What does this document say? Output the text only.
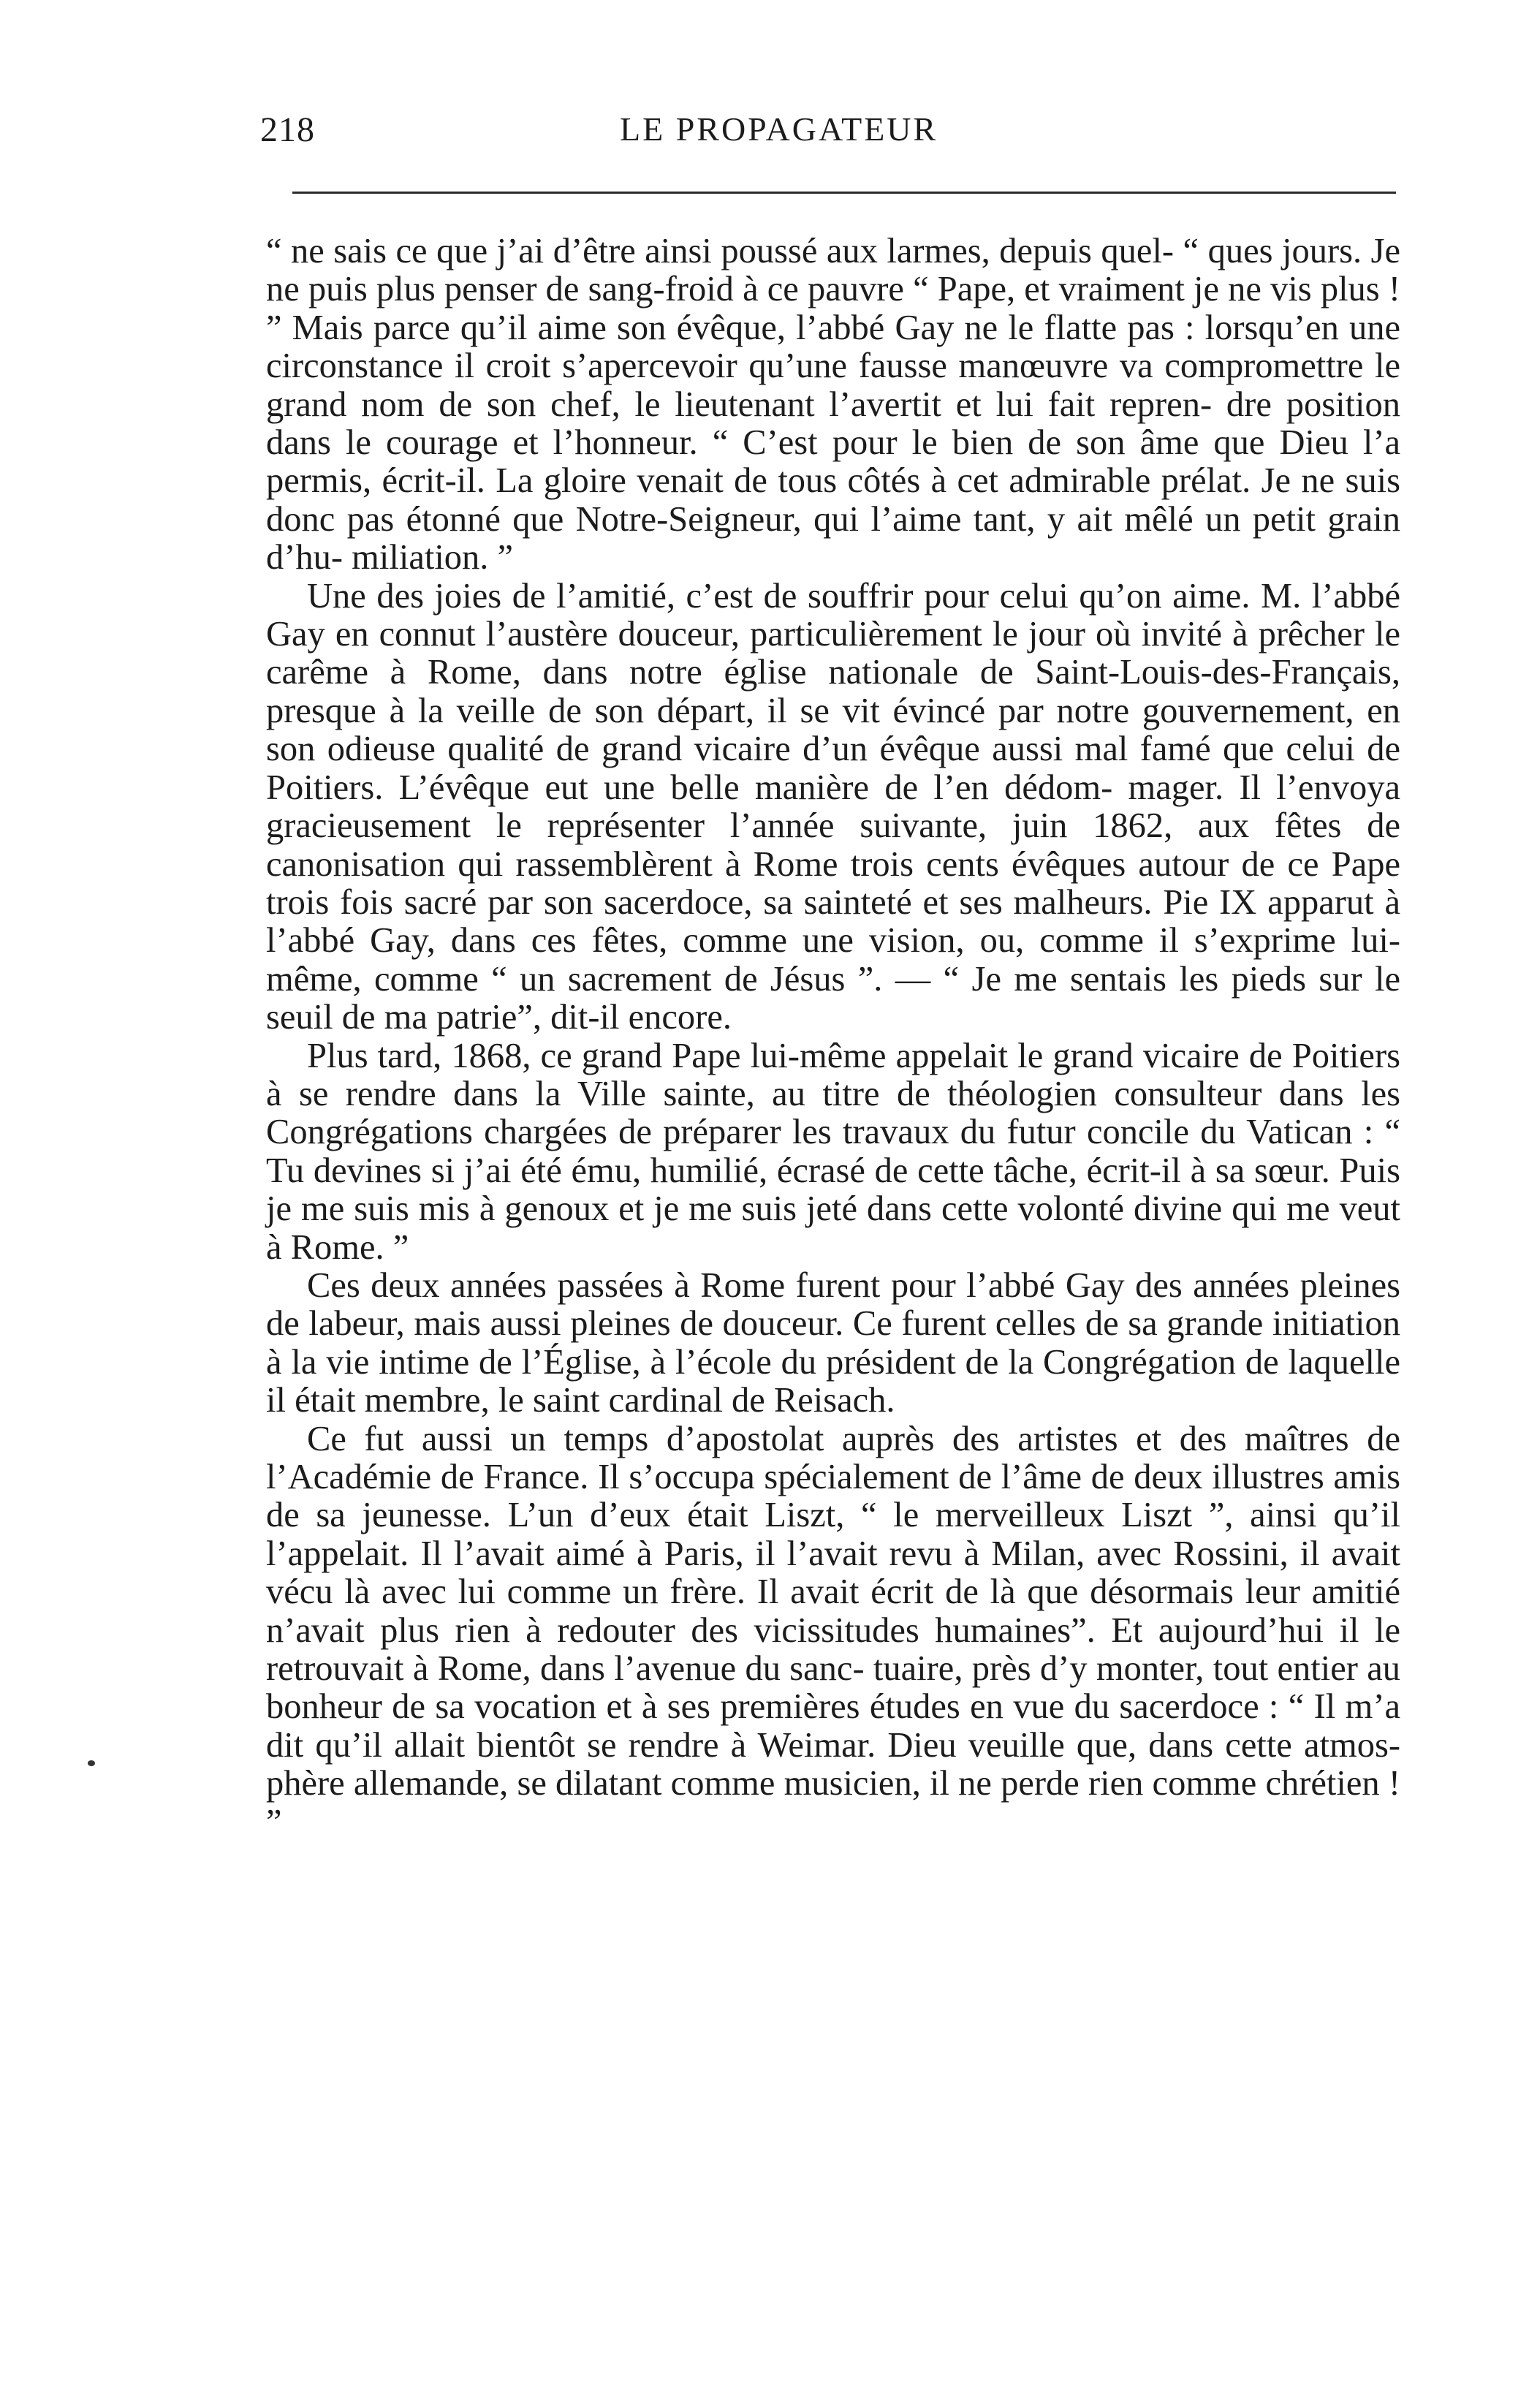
218	LE PROPAGATEUR

“ ne sais ce que j’ai d’être ainsi poussé aux larmes, depuis quel- “ ques jours. Je ne puis plus penser de sang-froid à ce pauvre “ Pape, et vraiment je ne vis plus ! ” Mais parce qu’il aime son évêque, l’abbé Gay ne le flatte pas : lorsqu’en une circonstance il croit s’apercevoir qu’une fausse manœuvre va compromettre le grand nom de son chef, le lieutenant l’avertit et lui fait repren- dre position dans le courage et l’honneur. “ C’est pour le bien de son âme que Dieu l’a permis, écrit-il. La gloire venait de tous côtés à cet admirable prélat. Je ne suis donc pas étonné que Notre-Seigneur, qui l’aime tant, y ait mêlé un petit grain d’hu- miliation. ”

Une des joies de l’amitié, c’est de souffrir pour celui qu’on aime. M. l’abbé Gay en connut l’austère douceur, particulièrement le jour où invité à prêcher le carême à Rome, dans notre église nationale de Saint-Louis-des-Français, presque à la veille de son départ, il se vit évincé par notre gouvernement, en son odieuse qualité de grand vicaire d’un évêque aussi mal famé que celui de Poitiers. L’évêque eut une belle manière de l’en dédom- mager. Il l’envoya gracieusement le représenter l’année suivante, juin 1862, aux fêtes de canonisation qui rassemblèrent à Rome trois cents évêques autour de ce Pape trois fois sacré par son sacerdoce, sa sainteté et ses malheurs. Pie IX apparut à l’abbé Gay, dans ces fêtes, comme une vision, ou, comme il s’exprime lui-même, comme “ un sacrement de Jésus ”. — “ Je me sentais les pieds sur le seuil de ma patrie”, dit-il encore.

Plus tard, 1868, ce grand Pape lui-même appelait le grand vicaire de Poitiers à se rendre dans la Ville sainte, au titre de théologien consulteur dans les Congrégations chargées de préparer les travaux du futur concile du Vatican : “ Tu devines si j’ai été ému, humilié, écrasé de cette tâche, écrit-il à sa sœur. Puis je me suis mis à genoux et je me suis jeté dans cette volonté divine qui me veut à Rome. ”

Ces deux années passées à Rome furent pour l’abbé Gay des années pleines de labeur, mais aussi pleines de douceur. Ce furent celles de sa grande initiation à la vie intime de l’Église, à l’école du président de la Congrégation de laquelle il était membre, le saint cardinal de Reisach.

Ce fut aussi un temps d’apostolat auprès des artistes et des maîtres de l’Académie de France. Il s’occupa spécialement de l’âme de deux illustres amis de sa jeunesse. L’un d’eux était Liszt, “ le merveilleux Liszt ”, ainsi qu’il l’appelait. Il l’avait aimé à Paris, il l’avait revu à Milan, avec Rossini, il avait vécu là avec lui comme un frère. Il avait écrit de là que désormais leur amitié n’avait plus rien à redouter des vicissitudes humaines”. Et aujourd’hui il le retrouvait à Rome, dans l’avenue du sanc- tuaire, près d’y monter, tout entier au bonheur de sa vocation et à ses premières études en vue du sacerdoce : “ Il m’a dit qu’il allait bientôt se rendre à Weimar. Dieu veuille que, dans cette atmos- phère allemande, se dilatant comme musicien, il ne perde rien comme chrétien ! ”
